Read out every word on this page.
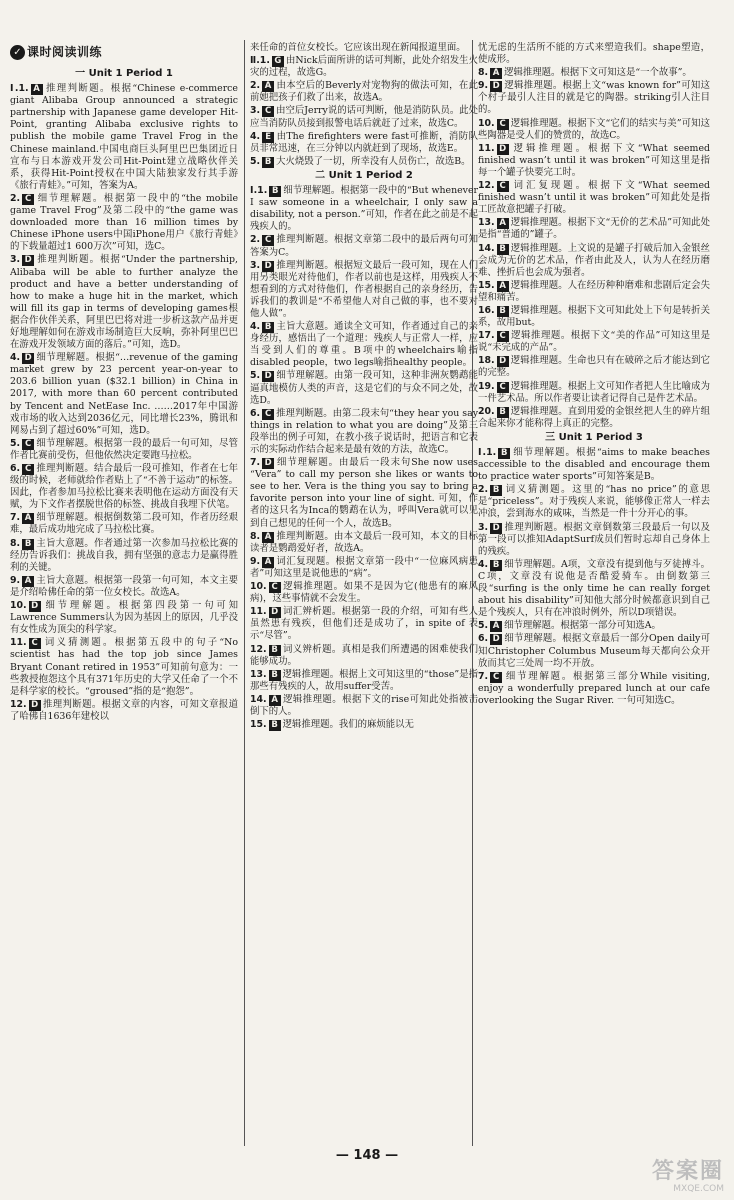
✓ 课时阅读训练
一 Unit 1 Period 1
Ⅰ.1. A 推理判断题。根据“Chinese e-commerce giant Alibaba Group announced a strategic partnership with Japanese game developer Hit-Point, granting Alibaba exclusive rights to publish the mobile game Travel Frog in the Chinese mainland.中国电商巨头阿里巴巴集团近日宣布与日本游戏开发公司Hit-Point建立战略伙伴关系，获得Hit-Point授权在中国大陆独家发行其手游《旅行青蛙》。”可知，答案为A。
2. C 细节理解题。根据第一段中的“the mobile game Travel Frog”及第二段中的“the game was downloaded more than 16 million times by Chinese iPhone users中国iPhone用户《旅行青蛙》的下载量超过1 600万次”可知，选C。
3. D 推理判断题。根据“Under the partnership, Alibaba will be able to further analyze the product and have a better understanding of how to make a huge hit in the market, which will fill its gap in terms of developing games根据合作伙伴关系，阿里巴巴将对进一步析这款产品并更好地理解如何在游戏市场制造巨大反响，弥补阿里巴巴在游戏开发领域方面的落后。”可知，选D。
4. D 细节理解题。根据“…revenue of the gaming market grew by 23 percent year-on-year to 203.6 billion yuan ($32.1 billion) in China in 2017, with more than 60 percent contributed by Tencent and NetEase Inc. ……2017年中国游戏市场的收入达到2036亿元，同比增长23%，腾讯和网易占到了超过60%”可知，选D。
5. C 细节理解题。根据第一段的最后一句可知，尽管作者比赛前受伤，但他依然决定要跑马拉松。
6. C 推理判断题。结合最后一段可推知，作者在七年级的时候，老师就给作者贴上了“不善于运动”的标签。因此，作者参加马拉松比赛来表明他在运动方面没有天赋，为下文作者摆脱世俗的标签、挑战自我埋下伏笔。
7. A 细节理解题。根据倒数第二段可知，作者历经艰难，最后成功地完成了马拉松比赛。
8. B 主旨大意题。作者通过第一次参加马拉松比赛的经历告诉我们：挑战自我，拥有坚强的意志力是赢得胜利的关键。
9. A 主旨大意题。根据第一段第一句可知，本文主要是介绍哈佛任命的第一位女校长。故选A。
10. D 细节理解题。根据第四段第一句可知Lawrence Summers认为因为基因上的原因，几乎没有女性成为顶尖的科学家。
11. C 词义猜测题。根据第五段中的句子“No scientist has had the top job since James Bryant Conant retired in 1953”可知前句意为：一些教授抱怨这个具有371年历史的大学又任命了一个不是科学家的校长。“groused”指的是“抱怨”。
12. D 推理判断题。根据文章的内容，可知文章报道了哈佛自1636年建校以
来任命的首位女校长。它应该出现在新闻报道里面。
Ⅱ.1. G 由Nick后面所讲的话可判断，此处介绍发生火灾的过程，故选G。
2. A 由本空后的Beverly对宠物狗的做法可知，在此前她把孩子们救了出来，故选A。
3. C 由空后Jerry说的话可判断，他是消防队员。此处应当消防队员接到报警电话后就赶了过来，故选C。
4. E 由The firefighters were fast可推断，消防队员非常迅速，在三分钟以内就赶到了现场，故选E。
5. B 大火烧毁了一切，所幸没有人员伤亡，故选B。
二 Unit 1 Period 2
Ⅰ.1. B 细节理解题。根据第一段中的“But whenever I saw someone in a wheelchair, I only saw a disability, not a person.”可知，作者在此之前是不起残疾人的。
2. C 推理判断题。根据文章第二段中的最后两句可知答案为C。
3. D 推理判断题。根据短文最后一段可知，现在人们用另类眼光对待他们，作者以前也是这样，用残疾人不想看到的方式对待他们，作者根据自己的亲身经历，告诉我们的教训是“不希望他人对自己做的事，也不要对他人做”。
4. B 主旨大意题。通读全文可知，作者通过自己的亲身经历，感悟出了一个道理：残疾人与正常人一样，应当受到人们的尊重。B项中的wheelchairs喻指disabled people，two legs喻指healthy people。
5. D 细节理解题。由第一段可知，这种非洲灰鹦鹉能逼真地模仿人类的声音，这是它们的与众不同之处，故选D。
6. C 推理判断题。由第二段末句“they hear you say things in relation to what you are doing”及第三段举出的例子可知，在教小孩子说话时，把语言和它表示的实际动作结合起来是最有效的方法，故选C。
7. D 细节理解题。由最后一段末句She now uses “Vera” to call my person she likes or wants to see to her. Vera is the thing you say to bring a favorite person into your line of sight. 可知，作者的这只名为Inca的鹦鹉在认为，呼叫Vera就可以见到自己想见的任何一个人，故选B。
8. A 推理判断题。由本文最后一段可知，本文的目标读者是鹦鹉爱好者，故选A。
9. A 词汇复现题。根据文章第一段中“一位麻风病患者”可知这里是说他患的“病”。
10. C 逻辑推理题。如果不是因为它(他患有的麻风病)，这些事情就不会发生。
11. D 词汇辨析题。根据第一段的介绍，可知有些人虽然患有残疾，但他们还是成功了，in spite of 表示“尽管”。
12. B 词义辨析题。真相是我们所遭遇的困难使我们能够成功。
13. B 逻辑推理题。根据上文可知这里的“those”是指那些有残疾的人，故用suffer受苦。
14. A 逻辑推理题。根据下文的rise可知此处指被击倒下的人。
15. B 逻辑推理题。我们的麻烦能以无
忧无虑的生活所不能的方式来塑造我们。shape塑造，使成形。
8. A 逻辑推理题。根据下文可知这是“一个故事”。
9. D 逻辑推理题。根据上文“was known for”可知这个村子最引人注目的就是它的陶器。striking引人注目的。
10. C 逻辑推理题。根据下文“它们的结实与美”可知这些陶器是受人们的赞赏的，故选C。
11. D 逻辑推理题。根据下文“What seemed finished wasn’t until it was broken”可知这里是指每一个罐子快要完工时。
12. C 词汇复现题。根据下文“What seemed finished wasn’t until it was broken”可知此处是指工匠故意把罐子打破。
13. A 逻辑推理题。根据下文“无价的艺术品”可知此处是指“普通的”罐子。
14. B 逻辑推理题。上文说的是罐子打破后加入金银丝会成为无价的艺术品，作者由此及人，认为人在经历磨难、挫折后也会成为强者。
15. A 逻辑推理题。人在经历种种磨难和悲剧后定会失望和痛苦。
16. B 逻辑推理题。根据下文可知此处上下句是转折关系，故用but。
17. C 逻辑推理题。根据下文“美的作品”可知这里是说“未完成的产品”。
18. D 逻辑推理题。生命也只有在破碎之后才能达到它的完整。
19. C 逻辑推理题。根据上文可知作者把人生比喻成为一件艺术品。所以作者要让读者记得自己是件艺术品。
20. B 逻辑推理题。直到用爱的金银丝把人生的碎片组合起来你才能称得上真正的完整。
三 Unit 1 Period 3
Ⅰ.1. B 细节理解题。根据“aims to make beaches accessible to the disabled and encourage them to practice water sports”可知答案是B。
2. B 词义猜测题。这里的“has no price”的意思是“priceless”。对于残疾人来说，能够像正常人一样去冲浪，尝到海水的咸味，当然是一件十分开心的事。
3. D 推理判断题。根据文章倒数第三段最后一句以及第一段可以推知AdaptSurf成员们暂时忘却自己身体上的残疾。
4. B 细节理解题。A项，文章没有提到他与歹徒搏斗。C项，文章没有说他是否酷爱骑车。由倒数第三段“surfing is the only time he can really forget about his disability”可知他大部分时候都意识到自己是个残疾人，只有在冲浪时例外，所以D项错误。
5. A 细节理解题。根据第一部分可知选A。
6. D 细节理解题。根据文章最后一部分Open daily可知Christopher Columbus Museum每天都向公众开放而其它三处周一均不开放。
7. C 细节理解题。根据第三部分While visiting, enjoy a wonderfully prepared lunch at our cafe overlooking the Sugar River. 一句可知选C。
— 148 —
答案圈
MXQE.COM
